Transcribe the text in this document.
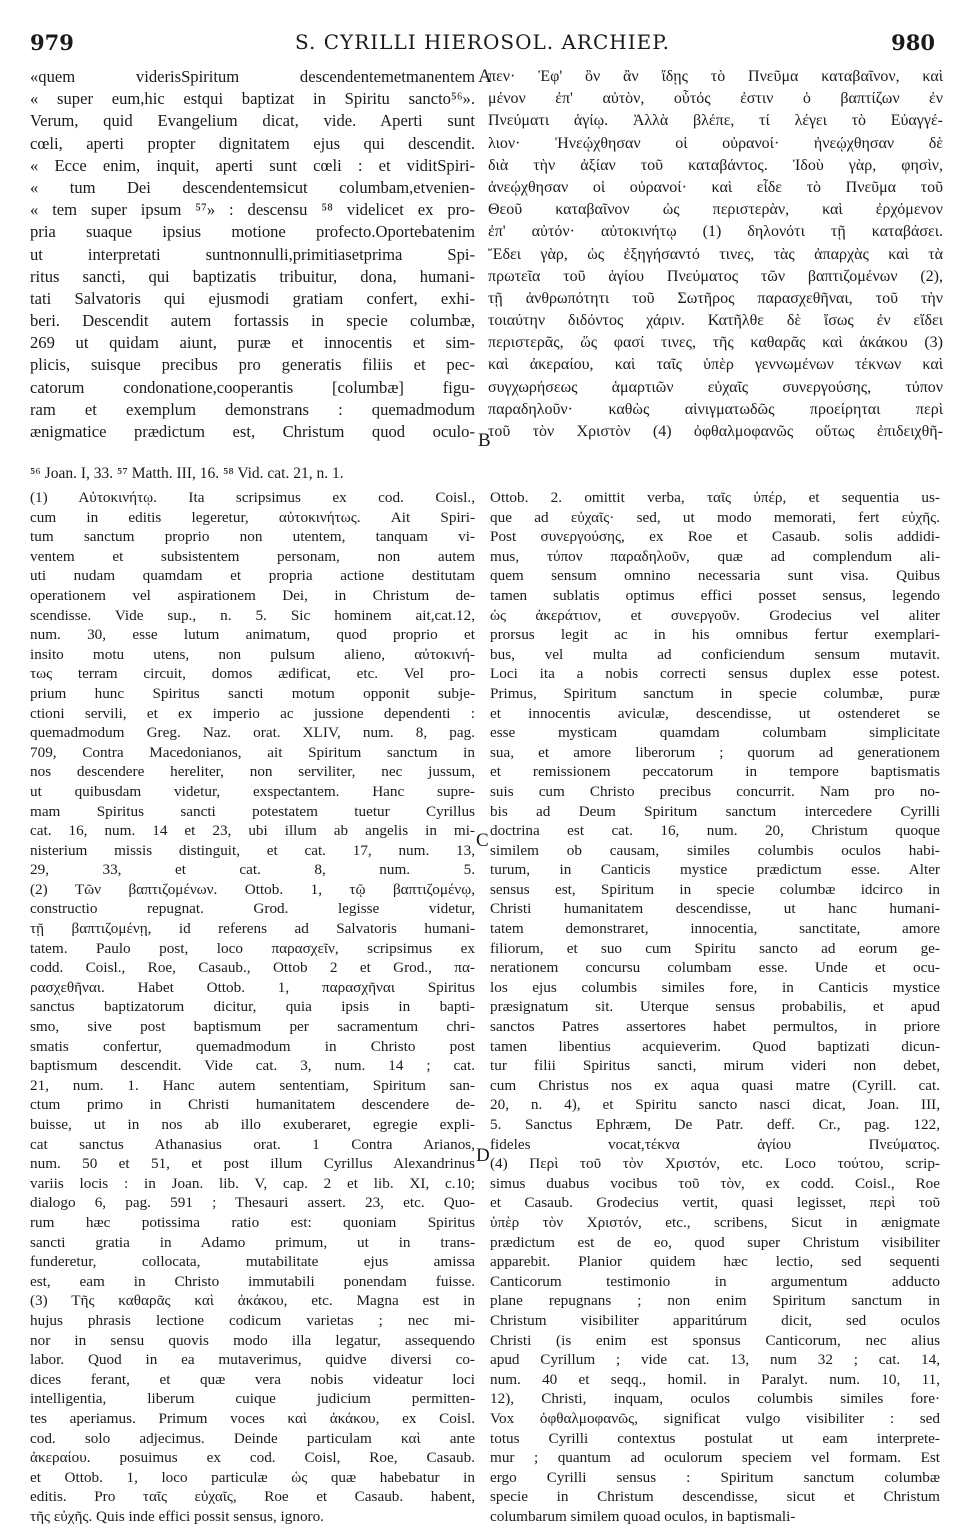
979	S. CYRILLI HIEROSOL. ARCHIEP.	980
«quem viderisSpiritum descendentemetmanentem
« super eum,hic estqui baptizat in Spiritu sancto⁵⁶».
Verum, quid Evangelium dicat, vide. Aperti sunt
cœli, aperti propter dignitatem ejus qui descendit.
« Ecce enim, inquit, aperti sunt cœli : et viditSpiri-
« tum Dei descendentemsicut columbam,etvenien-
« tem super ipsum ⁵⁷» : descensu ⁵⁸ videlicet ex pro-
pria suaque ipsius motione profecto.Oportebatenim
ut interpretati suntnonnulli,primitiasetprima Spi-
ritus sancti, qui baptizatis tribuitur, dona, humani-
tati Salvatoris qui ejusmodi gratiam confert, exhi-
beri. Descendit autem fortassis in specie columbæ,
269 ut quidam aiunt, puræ et innocentis et sim-
plicis, suisque precibus pro generatis filiis et pec-
catorum condonatione,cooperantis [columbæ] figu-
ram et exemplum demonstrans : quemadmodum
ænigmatice prædictum est, Christum quod oculo-
πεν· Ἐφ' ὃν ἂν ἴδῃς τὸ Πνεῦμα καταβαῖνον, καὶ
μένον ἐπ' αὐτὸν, οὗτός ἐστιν ὁ βαπτίζων ἐν
Πνεύματι ἁγίῳ. Ἀλλὰ βλέπε, τί λέγει τὸ Εὐαγγέ-
λιον· Ἠνεῴχθησαν οἱ οὐρανοί· ἠνεῴχθησαν δὲ
διὰ τὴν ἀξίαν τοῦ καταβάντος. Ἰδοὺ γὰρ, φησὶν,
ἀνεῴχθησαν οἱ οὐρανοί· καὶ εἶδε τὸ Πνεῦμα τοῦ
Θεοῦ καταβαῖνον ὡς περιστερὰν, καὶ ἐρχόμενον
ἐπ' αὐτόν· αὐτοκινήτῳ (1) δηλονότι τῇ καταβάσει.
Ἔδει γὰρ, ὡς ἐξηγήσαντό τινες, τὰς ἀπαρχὰς καὶ τὰ
πρωτεῖα τοῦ ἁγίου Πνεύματος τῶν βαπτιζομένων (2),
τῇ ἀνθρωπότητι τοῦ Σωτῆρος παρασχεθῆναι, τοῦ τὴν
τοιαύτην διδόντος χάριν. Κατῆλθε δὲ ἴσως ἐν εἴδει
περιστερᾶς, ὥς φασί τινες, τῆς καθαρᾶς καὶ ἀκάκου (3)
καὶ ἀκεραίου, καὶ ταῖς ὑπὲρ γεννωμένων τέκνων καὶ
συγχωρήσεως ἁμαρτιῶν εὐχαῖς συνεργούσης, τύπον
παραδηλοῦν· καθὼς αἰνιγματωδῶς προείρηται περὶ
τοῦ τὸν Χριστὸν (4) ὀφθαλμοφανῶς οὕτως ἐπιδειχθῆ-
A
B
C
D
⁵⁶ Joan. I, 33. ⁵⁷ Matth. III, 16. ⁵⁸ Vid. cat. 21, n. 1.
(1) Αὐτοκινήτῳ. Ita scripsimus ex cod. Coisl.,
cum in editis legeretur, αὐτοκινήτως. Ait Spiri-
tum sanctum proprio non utentem, tanquam vi-
ventem et subsistentem personam, non autem
uti nudam quamdam et propria actione destitutam
operationem vel aspirationem Dei, in Christum de-
scendisse. Vide sup., n. 5. Sic hominem ait,cat.12,
num. 30, esse lutum animatum, quod proprio et
insito motu utens, non pulsum alieno, αὐτοκινή-
τως terram circuit, domos ædificat, etc. Vel pro-
prium hunc Spiritus sancti motum opponit subje-
ctioni servili, et ex imperio ac jussione dependenti :
quemadmodum Greg. Naz. orat. XLIV, num. 8, pag.
709, Contra Macedonianos, ait Spiritum sanctum in
nos descendere hereliter, non serviliter, nec jussum,
ut quibusdam videtur, exspectantem. Hanc supre-
mam Spiritus sancti potestatem tuetur Cyrillus
cat. 16, num. 14 et 23, ubi illum ab angelis in mi-
nisterium missis distinguit, et cat. 17, num. 13,
29, 33, et cat. 8, num. 5.
(2) Τῶν βαπτιζομένων. Ottob. 1, τῷ βαπτιζομένῳ,
constructio repugnat. Grod. legisse videtur,
τῇ βαπτιζομένῃ, id referens ad Salvatoris humani-
tatem. Paulo post, loco παρασχεῖν, scripsimus ex
codd. Coisl., Roe, Casaub., Ottob 2 et Grod., πα-
ρασχεθῆναι. Habet Ottob. 1, παρασχῆναι Spiritus
sanctus baptizatorum dicitur, quia ipsis in bapti-
smo, sive post baptismum per sacramentum chri-
smatis confertur, quemadmodum in Christo post
baptismum descendit. Vide cat. 3, num. 14 ; cat.
21, num. 1. Hanc autem sententiam, Spiritum san-
ctum primo in Christi humanitatem descendere de-
buisse, ut in nos ab illo exuberaret, egregie expli-
cat sanctus Athanasius orat. 1 Contra Arianos,
num. 50 et 51, et post illum Cyrillus Alexandrinus
variis locis : in Joan. lib. V, cap. 2 et lib. XI, c.10;
dialogo 6, pag. 591 ; Thesauri assert. 23, etc. Quo-
rum hæc potissima ratio est: quoniam Spiritus
sancti gratia in Adamo primum, ut in trans-
funderetur, collocata, mutabilitate ejus amissa
est, eam in Christo immutabili ponendam fuisse.
(3) Τῆς καθαρᾶς καὶ ἀκάκου, etc. Magna est in
hujus phrasis lectione codicum varietas ; nec mi-
nor in sensu quovis modo illa legatur, assequendo
labor. Quod in ea mutaverimus, quidve diversi co-
dices ferant, et quæ vera nobis videatur loci
intelligentia, liberum cuique judicium permitten-
tes aperiamus. Primum voces καὶ ἀκάκου, ex Coisl.
cod. solo adjecimus. Deinde particulam καὶ ante
ἀκεραίου. posuimus ex cod. Coisl, Roe, Casaub.
et Ottob. 1, loco particulæ ὡς quæ habebatur in
editis. Pro ταῖς εὐχαῖς, Roe et Casaub. habent,
τῆς εὐχῆς. Quis inde effici possit sensus, ignoro.
Ottob. 2. omittit verba, ταῖς ὑπέρ, et sequentia us-
que ad εὐχαῖς· sed, ut modo memorati, fert εὐχῆς.
Post συνεργούσης, ex Roe et Casaub. solis addidi-
mus, τύπον παραδηλοῦν, quæ ad complendum ali-
quem sensum omnino necessaria sunt visa. Quibus
tamen sublatis optimus effici posset sensus, legendo
ὡς ἀκεράτιον, et συνεργοῦν. Grodecius vel aliter
prorsus legit ac in his omnibus fertur exemplari-
bus, vel multa ad conficiendum sensum mutavit.
Loci ita a nobis correcti sensus duplex esse potest.
Primus, Spiritum sanctum in specie columbæ, puræ
et innocentis aviculæ, descendisse, ut ostenderet se
esse mysticam quamdam columbam simplicitate
sua, et amore liberorum ; quorum ad generationem
et remissionem peccatorum in tempore baptismatis
suis cum Christo precibus concurrit. Nam pro no-
bis ad Deum Spiritum sanctum intercedere Cyrilli
doctrina est cat. 16, num. 20, Christum quoque
similem ob causam, similes columbis oculos habi-
turum, in Canticis mystice prædictum esse. Alter
sensus est, Spiritum in specie columbæ idcirco in
Christi humanitatem descendisse, ut hanc humani-
tatem demonstraret, innocentia, sanctitate, amore
filiorum, et suo cum Spiritu sancto ad eorum ge-
nerationem concursu columbam esse. Unde et ocu-
los ejus columbis similes fore, in Canticis mystice
præsignatum sit. Uterque sensus probabilis, et apud
sanctos Patres assertores habet permultos, in priore
tamen libentius acquieverim. Quod baptizati dicun-
tur filii Spiritus sancti, mirum videri non debet,
cum Christus nos ex aqua quasi matre (Cyrill. cat.
20, n. 4), et Spiritu sancto nasci dicat, Joan. III,
5. Sanctus Ephræm, De Patr. deff. Cr., pag. 122,
fideles vocat,τέκνα ἁγίου Πνεύματος.
(4) Περὶ τοῦ τὸν Χριστόν, etc. Loco τούτου, scrip-
simus duabus vocibus τοῦ τὸν, ex codd. Coisl., Roe
et Casaub. Grodecius vertit, quasi legisset, περὶ τοῦ
ὑπὲρ τὸν Χριστόν, etc., scribens, Sicut in ænigmate
prædictum est de eo, quod super Christum visibiliter
apparebit. Planior quidem hæc lectio, sed sequenti
Canticorum testimonio in argumentum adducto
plane repugnans ; non enim Spiritum sanctum in
Christum visibiliter apparitúrum dicit, sed oculos
Christi (is enim est sponsus Canticorum, nec alius
apud Cyrillum ; vide cat. 13, num 32 ; cat. 14,
num. 40 et seqq., homil. in Paralyt. num. 10, 11,
12), Christi, inquam, oculos columbis similes fore·
Vox ὀφθαλμοφανῶς, significat vulgo visibiliter : sed
totus Cyrilli contextus postulat ut eam interprete-
mur ; quantum ad oculorum speciem vel formam. Est
ergo Cyrilli sensus : Spiritum sanctum columbæ
specie in Christum descendisse, sicut et Christum
columbarum similem quoad oculos, in baptismali-
